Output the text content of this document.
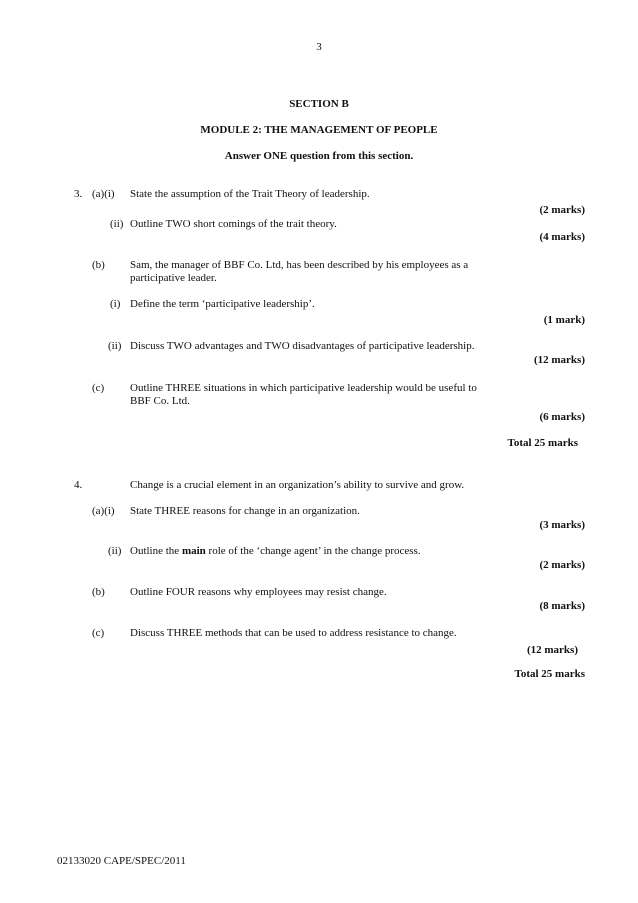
3
SECTION B
MODULE 2: THE MANAGEMENT OF PEOPLE
Answer ONE question from this section.
3. (a)(i) State the assumption of the Trait Theory of leadership.
(2 marks)
(ii) Outline TWO short comings of the trait theory.
(4 marks)
(b) Sam, the manager of BBF Co. Ltd, has been described by his employees as a
participative leader.
(i) Define the term ‘participative leadership’.
(1 mark)
(ii) Discuss TWO advantages and TWO disadvantages of participative leadership.
(12 marks)
(c) Outline THREE situations in which participative leadership would be useful to
BBF Co. Ltd.
(6 marks)
Total 25 marks
4.	Change is a crucial element in an organization’s ability to survive and grow.
(a)(i) State THREE reasons for change in an organization.
(3 marks)
(ii) Outline the main role of the ‘change agent’ in the change process.
(2 marks)
(b) Outline FOUR reasons why employees may resist change.
(8 marks)
(c) Discuss THREE methods that can be used to address resistance to change.
(12 marks)
Total 25 marks
02133020 CAPE/SPEC/2011
